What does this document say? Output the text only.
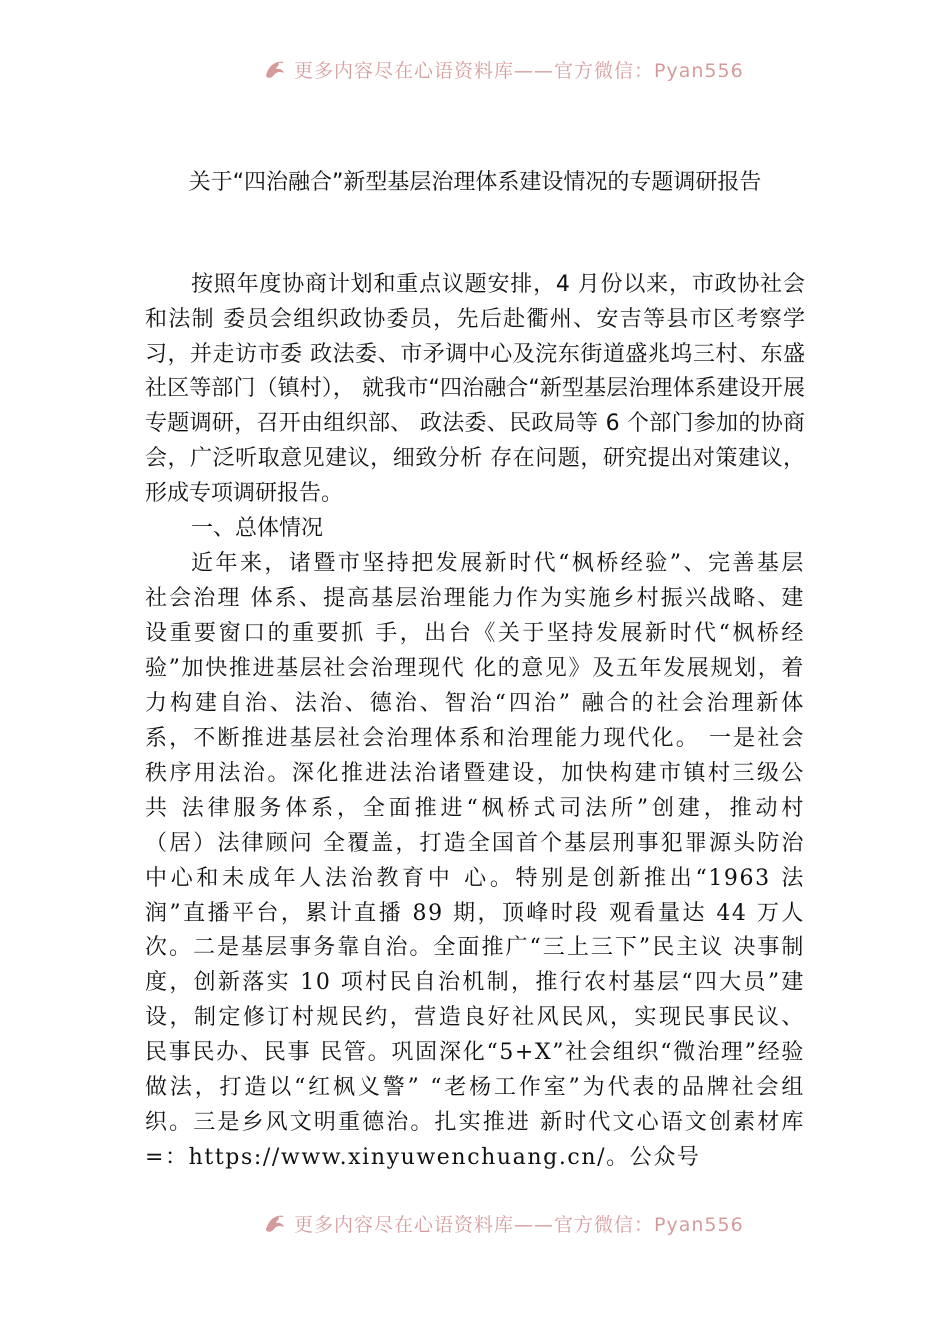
更多内容尽在心语资料库——官方微信：Pyan556
关于“四治融合”新型基层治理体系建设情况的专题调研报告

按照年度协商计划和重点议题安排，4 月份以来，市政协社会和法制 委员会组织政协委员，先后赴衢州、安吉等县市区考察学习，并走访市委 政法委、市矛调中心及浣东街道盛兆坞三村、东盛社区等部门（镇村）， 就我市“四治融合“新型基层治理体系建设开展专题调研，召开由组织部、 政法委、民政局等 6 个部门参加的协商会，广泛听取意见建议，细致分析 存在问题，研究提出对策建议，形成专项调研报告。

一、总体情况

近年来，诸暨市坚持把发展新时代“枫桥经验”、完善基层社会治理 体系、提高基层治理能力作为实施乡村振兴战略、建设重要窗口的重要抓 手，出台《关于坚持发展新时代“枫桥经验”加快推进基层社会治理现代 化的意见》及五年发展规划，着力构建自治、法治、德治、智治“四治” 融合的社会治理新体系，不断推进基层社会治理体系和治理能力现代化。 一是社会秩序用法治。深化推进法治诸暨建设，加快构建市镇村三级公共 法律服务体系，全面推进“枫桥式司法所”创建，推动村（居）法律顾问 全覆盖，打造全国首个基层刑事犯罪源头防治中心和未成年人法治教育中 心。特别是创新推出“1963 法润”直播平台，累计直播 89 期，顶峰时段 观看量达 44 万人次。二是基层事务靠自治。全面推广“三上三下”民主议 决事制度，创新落实 10 项村民自治机制，推行农村基层“四大员”建设，制定修订村规民约，营造良好社风民风，实现民事民议、民事民办、民事 民管。巩固深化“5+X”社会组织“微治理”经验做法，打造以“红枫义警” “老杨工作室”为代表的品牌社会组织。三是乡风文明重德治。扎实推进 新时代文心语文创素材库=：https://www.xinyuwenchuang.cn/。公众号

更多内容尽在心语资料库——官方微信：Pyan556
